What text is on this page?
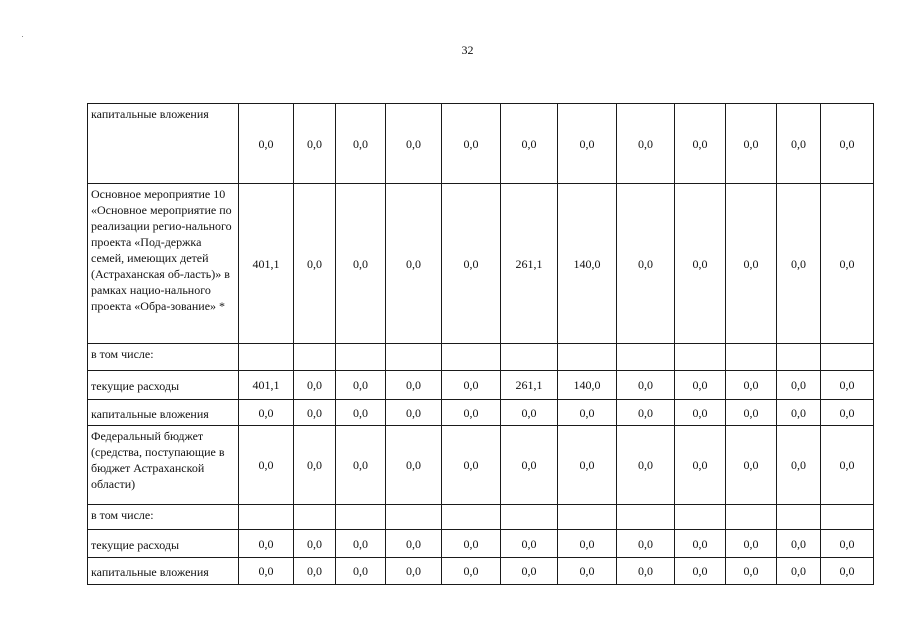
32
капитальные вложения	0,0	0,0	0,0	0,0	0,0	0,0	0,0	0,0	0,0	0,0	0,0	0,0
Основное мероприятие 10 «Основное мероприятие по реализации регио-нального проекта «Под-держка семей, имеющих детей (Астраханская об-ласть)» в рамках нацио-нального проекта «Обра-зование» *	401,1	0,0	0,0	0,0	0,0	261,1	140,0	0,0	0,0	0,0	0,0	0,0
в том числе:												
текущие расходы	401,1	0,0	0,0	0,0	0,0	261,1	140,0	0,0	0,0	0,0	0,0	0,0
капитальные вложения	0,0	0,0	0,0	0,0	0,0	0,0	0,0	0,0	0,0	0,0	0,0	0,0
Федеральный бюджет (средства, поступающие в бюджет Астраханской области)	0,0	0,0	0,0	0,0	0,0	0,0	0,0	0,0	0,0	0,0	0,0	0,0
в том числе:												
текущие расходы	0,0	0,0	0,0	0,0	0,0	0,0	0,0	0,0	0,0	0,0	0,0	0,0
капитальные вложения	0,0	0,0	0,0	0,0	0,0	0,0	0,0	0,0	0,0	0,0	0,0	0,0
